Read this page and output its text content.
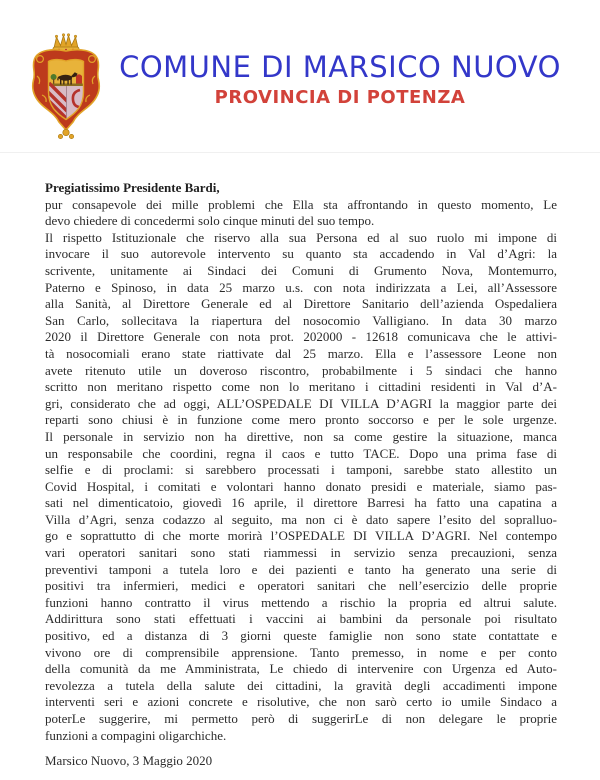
COMUNE DI MARSICO NUOVO
PROVINCIA DI POTENZA
Pregiatissimo Presidente Bardi,
pur consapevole dei mille problemi che Ella sta affrontando in questo momento, Le
devo chiedere di concedermi solo cinque minuti del suo tempo.
Il rispetto Istituzionale che riservo alla sua Persona ed al suo ruolo mi impone di
invocare il suo autorevole intervento su quanto sta accadendo in Val d’Agri: la
scrivente, unitamente ai Sindaci dei Comuni di Grumento Nova, Montemurro,
Paterno e Spinoso, in data 25 marzo u.s. con nota indirizzata a Lei, all’Assessore
alla Sanità, al Direttore Generale ed al Direttore Sanitario dell’azienda Ospedaliera
San Carlo, sollecitava la riapertura del nosocomio Valligiano. In data 30 marzo
2020 il Direttore Generale con nota prot. 202000 - 12618 comunicava che le attivi-
tà nosocomiali erano state riattivate dal 25 marzo. Ella e l’assessore Leone non
avete ritenuto utile un doveroso riscontro, probabilmente i 5 sindaci che hanno
scritto non meritano rispetto come non lo meritano i cittadini residenti in Val d’A-
gri, considerato che ad oggi, ALL’OSPEDALE DI VILLA D’AGRI la maggior parte dei
reparti sono chiusi è in funzione come mero pronto soccorso e per le sole urgenze.
Il personale in servizio non ha direttive, non sa come gestire la situazione, manca
un responsabile che coordini, regna il caos e tutto TACE. Dopo una prima fase di
selfie e di proclami: si sarebbero processati i tamponi, sarebbe stato allestito un
Covid Hospital, i comitati e volontari hanno donato presidi e materiale, siamo pas-
sati nel dimenticatoio, giovedì 16 aprile, il direttore Barresi ha fatto una capatina a
Villa d’Agri, senza codazzo al seguito, ma non ci è dato sapere l’esito del sopralluo-
go e soprattutto di che morte morirà l’OSPEDALE DI VILLA D’AGRI. Nel contempo
vari operatori sanitari sono stati riammessi in servizio senza precauzioni, senza
preventivi tamponi a tutela loro e dei pazienti e tanto ha generato una serie di
positivi tra infermieri, medici e operatori sanitari che nell’esercizio delle proprie
funzioni hanno contratto il virus mettendo a rischio la propria ed altrui salute.
Addirittura sono stati effettuati i vaccini ai bambini da personale poi risultato
positivo, ed a distanza di 3 giorni queste famiglie non sono state contattate e
vivono ore di comprensibile apprensione. Tanto premesso, in nome e per conto
della comunità da me Amministrata, Le chiedo di intervenire con Urgenza ed Auto-
revolezza a tutela della salute dei cittadini, la gravità degli accadimenti impone
interventi seri e azioni concrete e risolutive, che non sarò certo io umile Sindaco a
poterLe suggerire, mi permetto però di suggerirLe di non delegare le proprie
funzioni a compagini oligarchiche.
Marsico Nuovo, 3 Maggio 2020
